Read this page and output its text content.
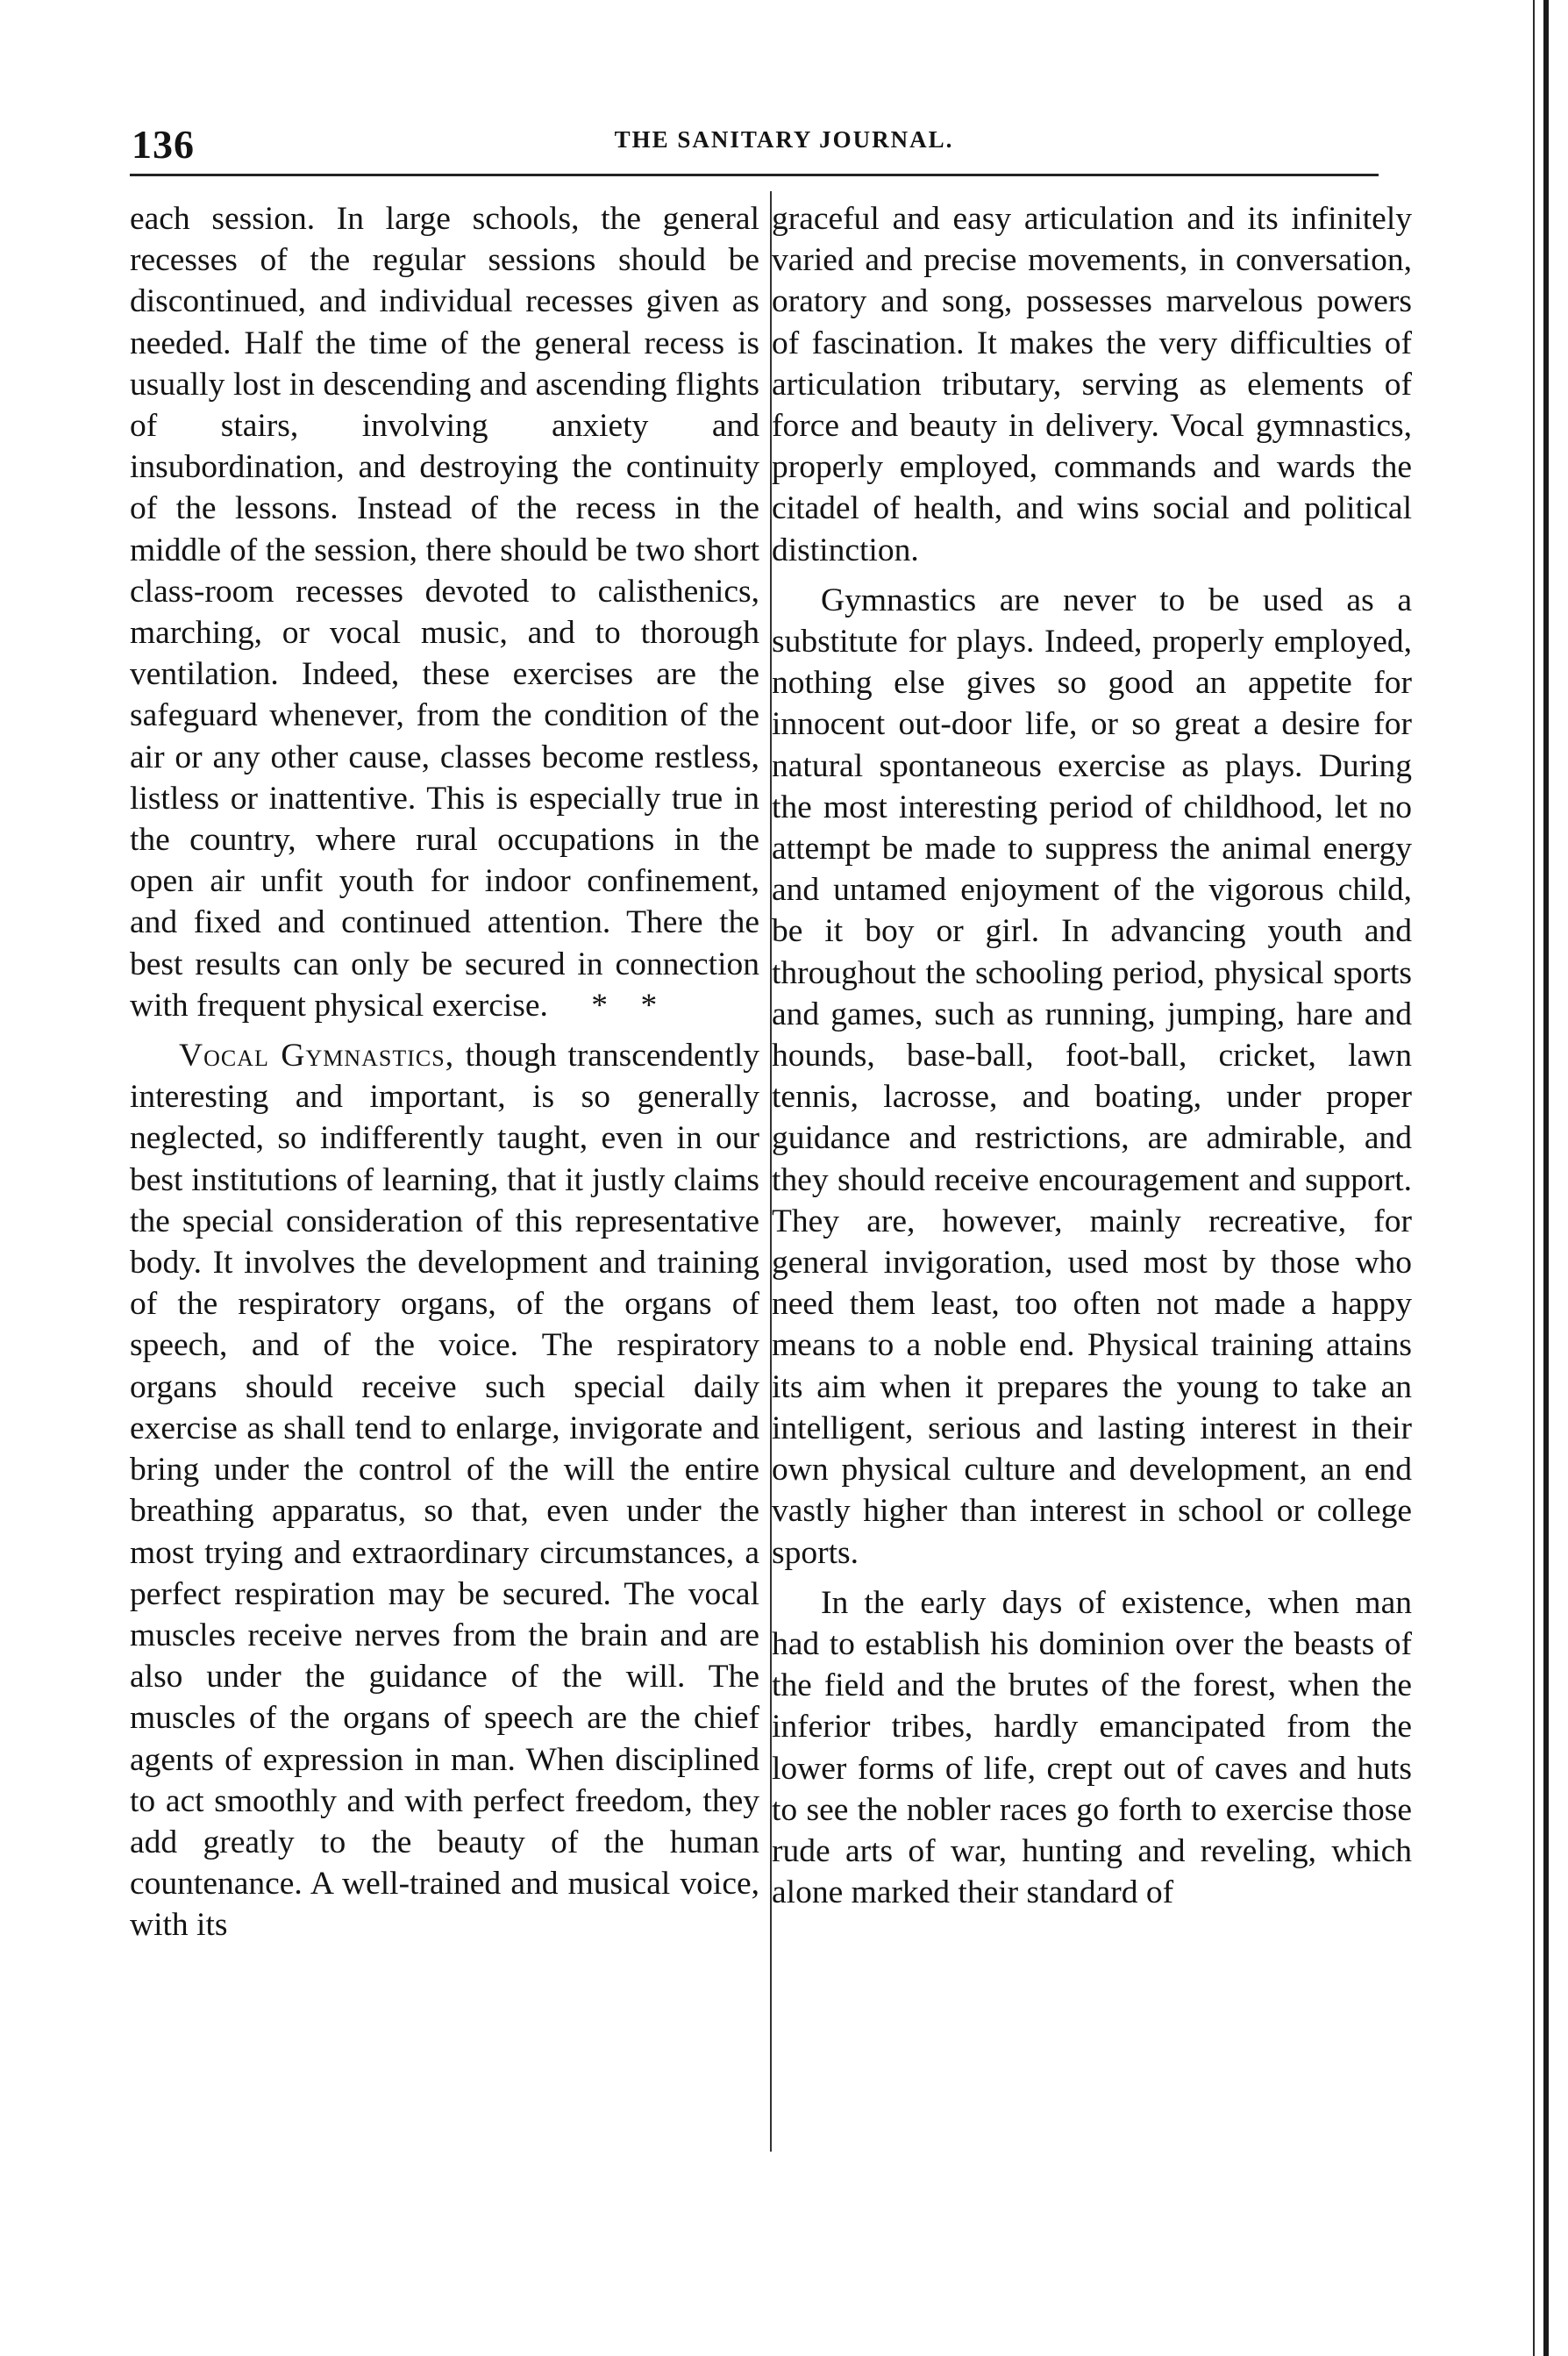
136	THE SANITARY JOURNAL.

each session. In large schools, the general recesses of the regular sessions should be discontinued, and individual recesses given as needed. Half the time of the general recess is usually lost in descending and ascending flights of stairs, involving anxiety and insubordination, and destroying the continuity of the lessons. Instead of the recess in the middle of the session, there should be two short class-room recesses devoted to calisthenics, marching, or vocal music, and to thorough ventilation. Indeed, these exercises are the safeguard whenever, from the condition of the air or any other cause, classes become restless, listless or inattentive. This is especially true in the country, where rural occupations in the open air unfit youth for indoor confinement, and fixed and continued attention. There the best results can only be secured in connection with frequent physical exercise. *    *

Vocal Gymnastics, though transcendently interesting and important, is so generally neglected, so indifferently taught, even in our best institutions of learning, that it justly claims the special consideration of this representative body. It involves the development and training of the respiratory organs, of the organs of speech, and of the voice. The respiratory organs should receive such special daily exercise as shall tend to enlarge, invigorate and bring under the control of the will the entire breathing apparatus, so that, even under the most trying and extraordinary circumstances, a perfect respiration may be secured. The vocal muscles receive nerves from the brain and are also under the guidance of the will. The muscles of the organs of speech are the chief agents of expression in man. When disciplined to act smoothly and with perfect freedom, they add greatly to the beauty of the human countenance. A well-trained and musical voice, with its

graceful and easy articulation and its infinitely varied and precise movements, in conversation, oratory and song, possesses marvelous powers of fascination. It makes the very difficulties of articulation tributary, serving as elements of force and beauty in delivery. Vocal gymnastics, properly employed, commands and wards the citadel of health, and wins social and political distinction.

Gymnastics are never to be used as a substitute for plays. Indeed, properly employed, nothing else gives so good an appetite for innocent out-door life, or so great a desire for natural spontaneous exercise as plays. During the most interesting period of childhood, let no attempt be made to suppress the animal energy and untamed enjoyment of the vigorous child, be it boy or girl. In advancing youth and throughout the schooling period, physical sports and games, such as running, jumping, hare and hounds, base-ball, foot-ball, cricket, lawn tennis, lacrosse, and boating, under proper guidance and restrictions, are admirable, and they should receive encouragement and support. They are, however, mainly recreative, for general invigoration, used most by those who need them least, too often not made a happy means to a noble end. Physical training attains its aim when it prepares the young to take an intelligent, serious and lasting interest in their own physical culture and development, an end vastly higher than interest in school or college sports.

In the early days of existence, when man had to establish his dominion over the beasts of the field and the brutes of the forest, when the inferior tribes, hardly emancipated from the lower forms of life, crept out of caves and huts to see the nobler races go forth to exercise those rude arts of war, hunting and reveling, which alone marked their standard of
